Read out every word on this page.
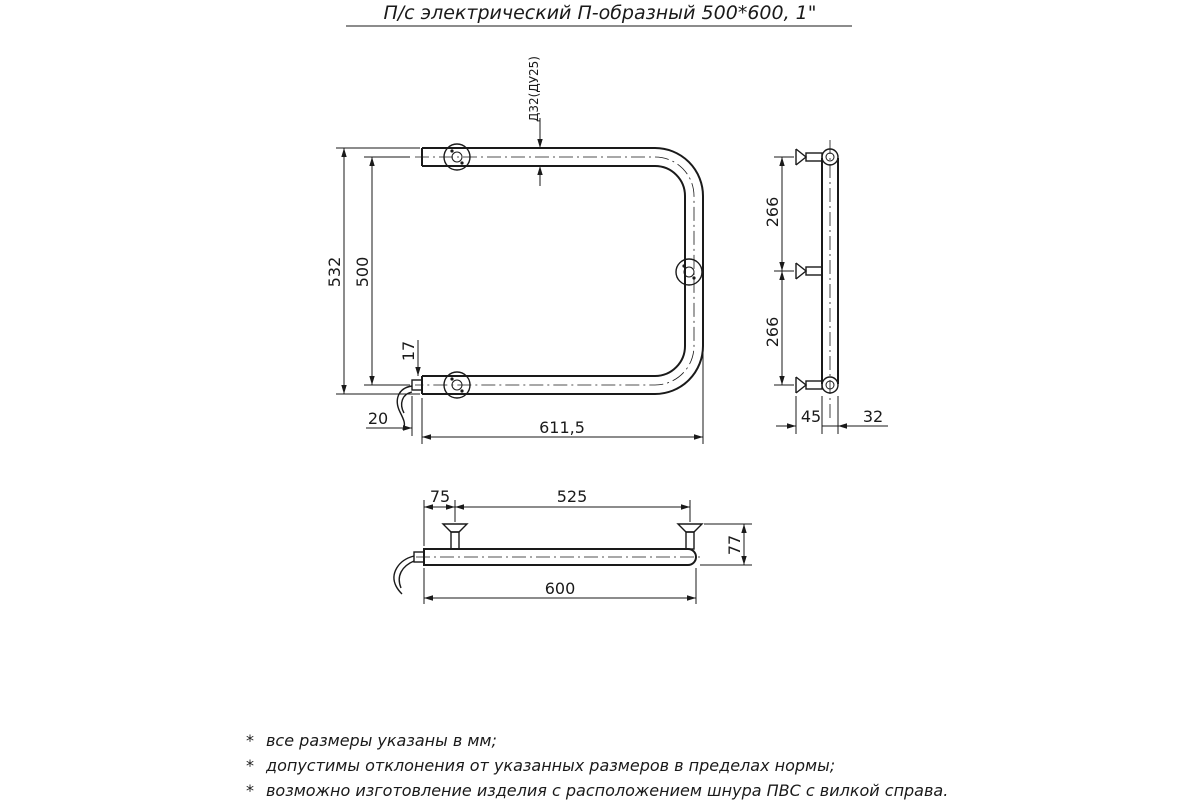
П/с электрический П-образный 500*600, 1"
Д32(ДУ25)
532 500
17
20	611,5
266
266
45	32
75	525
600
77
* все размеры указаны в мм;
* допустимы отклонения от указанных размеров в пределах нормы;
* возможно изготовление изделия с расположением шнура ПВС с вилкой справа.
